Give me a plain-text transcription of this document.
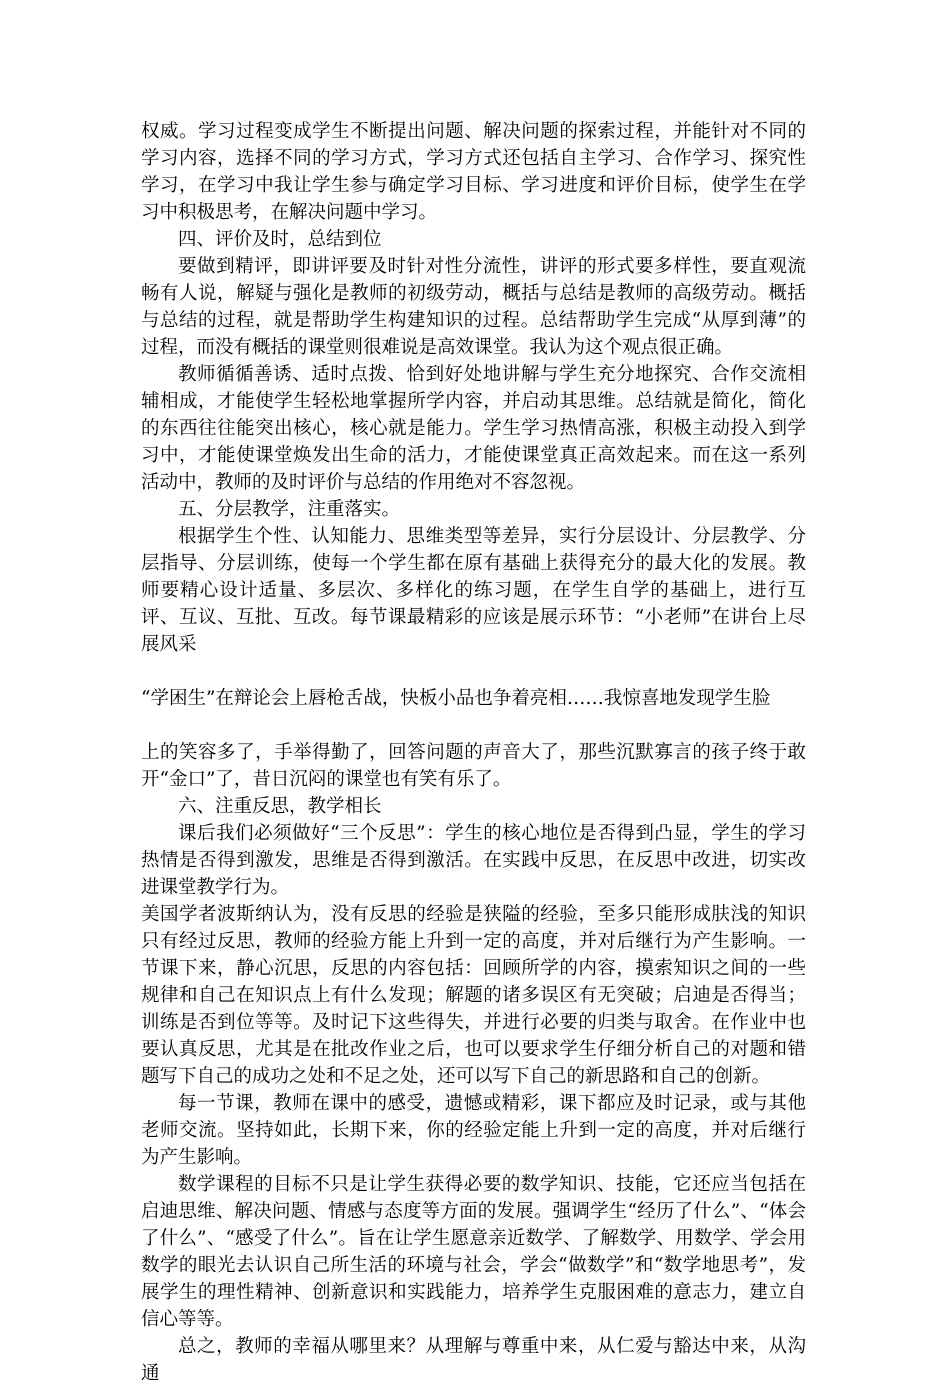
权威。学习过程变成学生不断提出问题、解决问题的探索过程，并能针对不同的学习内容，选择不同的学习方式，学习方式还包括自主学习、合作学习、探究性学习，在学习中我让学生参与确定学习目标、学习进度和评价目标，使学生在学习中积极思考，在解决问题中学习。

四、评价及时，总结到位

要做到精评，即讲评要及时针对性分流性，讲评的形式要多样性，要直观流畅有人说，解疑与强化是教师的初级劳动，概括与总结是教师的高级劳动。概括与总结的过程，就是帮助学生构建知识的过程。总结帮助学生完成“从厚到薄”的过程，而没有概括的课堂则很难说是高效课堂。我认为这个观点很正确。

教师循循善诱、适时点拨、恰到好处地讲解与学生充分地探究、合作交流相辅相成，才能使学生轻松地掌握所学内容，并启动其思维。总结就是简化，简化的东西往往能突出核心，核心就是能力。学生学习热情高涨，积极主动投入到学习中，才能使课堂焕发出生命的活力，才能使课堂真正高效起来。而在这一系列活动中，教师的及时评价与总结的作用绝对不容忽视。

五、分层教学，注重落实。

根据学生个性、认知能力、思维类型等差异，实行分层设计、分层教学、分层指导、分层训练，使每一个学生都在原有基础上获得充分的最大化的发展。教师要精心设计适量、多层次、多样化的练习题，在学生自学的基础上，进行互评、互议、互批、互改。每节课最精彩的应该是展示环节：“小老师”在讲台上尽展风采

“学困生”在辩论会上唇枪舌战，快板小品也争着亮相……我惊喜地发现学生脸

上的笑容多了，手举得勤了，回答问题的声音大了，那些沉默寡言的孩子终于敢开“金口”了，昔日沉闷的课堂也有笑有乐了。

六、注重反思，教学相长

课后我们必须做好“三个反思”：学生的核心地位是否得到凸显，学生的学习热情是否得到激发，思维是否得到激活。在实践中反思，在反思中改进，切实改进课堂教学行为。

美国学者波斯纳认为，没有反思的经验是狭隘的经验，至多只能形成肤浅的知识只有经过反思，教师的经验方能上升到一定的高度，并对后继行为产生影响。一节课下来，静心沉思，反思的内容包括：回顾所学的内容，摸索知识之间的一些规律和自己在知识点上有什么发现；解题的诸多误区有无突破；启迪是否得当；训练是否到位等等。及时记下这些得失，并进行必要的归类与取舍。在作业中也要认真反思，尤其是在批改作业之后，也可以要求学生仔细分析自己的对题和错题写下自己的成功之处和不足之处，还可以写下自己的新思路和自己的创新。

每一节课，教师在课中的感受，遗憾或精彩，课下都应及时记录，或与其他老师交流。坚持如此，长期下来，你的经验定能上升到一定的高度，并对后继行为产生影响。

数学课程的目标不只是让学生获得必要的数学知识、技能，它还应当包括在启迪思维、解决问题、情感与态度等方面的发展。强调学生“经历了什么”、“体会了什么”、“感受了什么”。旨在让学生愿意亲近数学、了解数学、用数学、学会用数学的眼光去认识自己所生活的环境与社会，学会“做数学”和“数学地思考”，发展学生的理性精神、创新意识和实践能力，培养学生克服困难的意志力，建立自信心等等。

总之，教师的幸福从哪里来？从理解与尊重中来，从仁爱与豁达中来，从沟通
